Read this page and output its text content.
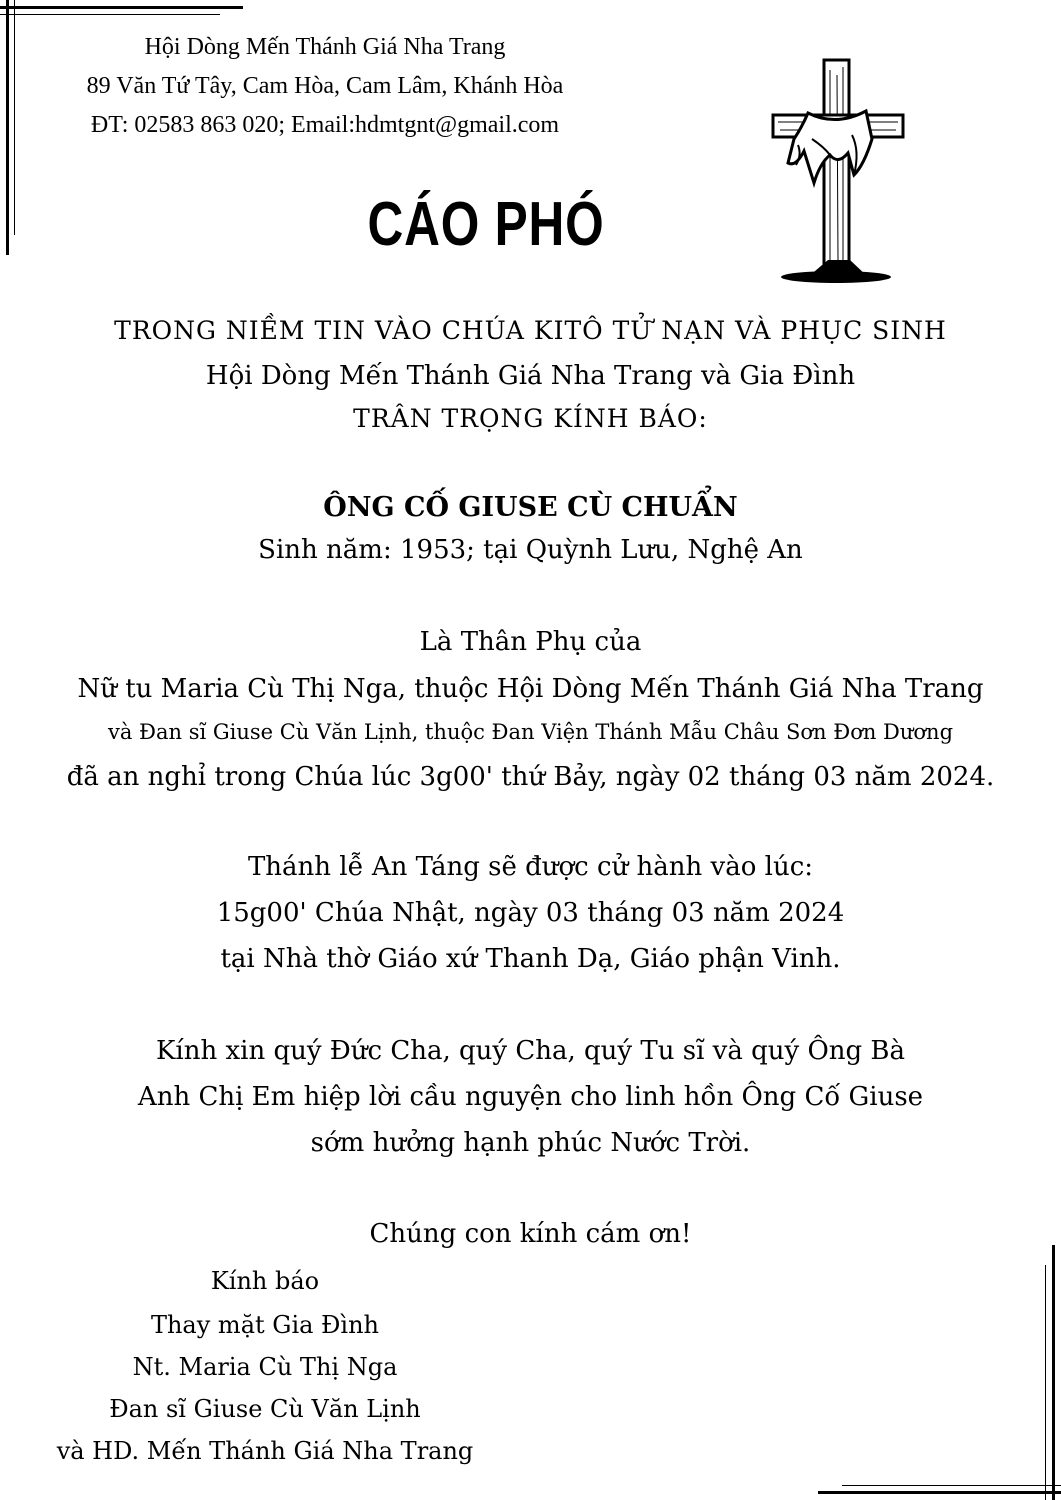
Hội Dòng Mến Thánh Giá Nha Trang
89 Văn Tứ Tây, Cam Hòa, Cam Lâm, Khánh Hòa
ĐT: 02583 863 020; Email:hdmtgnt@gmail.com
CÁO PHÓ
TRONG NIỀM TIN VÀO CHÚA KITÔ TỬ NẠN VÀ PHỤC SINH
Hội Dòng Mến Thánh Giá Nha Trang và Gia Đình
TRÂN TRỌNG KÍNH BÁO:
ÔNG CỐ GIUSE CÙ CHUẨN
Sinh năm: 1953; tại Quỳnh Lưu, Nghệ An
Là Thân Phụ của
Nữ tu Maria Cù Thị Nga, thuộc Hội Dòng Mến Thánh Giá Nha Trang
và Đan sĩ Giuse Cù Văn Lịnh, thuộc Đan Viện Thánh Mẫu Châu Sơn Đơn Dương
đã an nghỉ trong Chúa lúc 3g00' thứ Bảy, ngày 02 tháng 03 năm 2024.
Thánh lễ An Táng sẽ được cử hành vào lúc:
15g00' Chúa Nhật, ngày 03 tháng 03 năm 2024
tại Nhà thờ Giáo xứ Thanh Dạ, Giáo phận Vinh.
Kính xin quý Đức Cha, quý Cha, quý Tu sĩ và quý Ông Bà
Anh Chị Em hiệp lời cầu nguyện cho linh hồn Ông Cố Giuse
sớm hưởng hạnh phúc Nước Trời.
Chúng con kính cám ơn!
Kính báo
Thay mặt Gia Đình
Nt. Maria Cù Thị Nga
Đan sĩ Giuse Cù Văn Lịnh
và HD. Mến Thánh Giá Nha Trang
